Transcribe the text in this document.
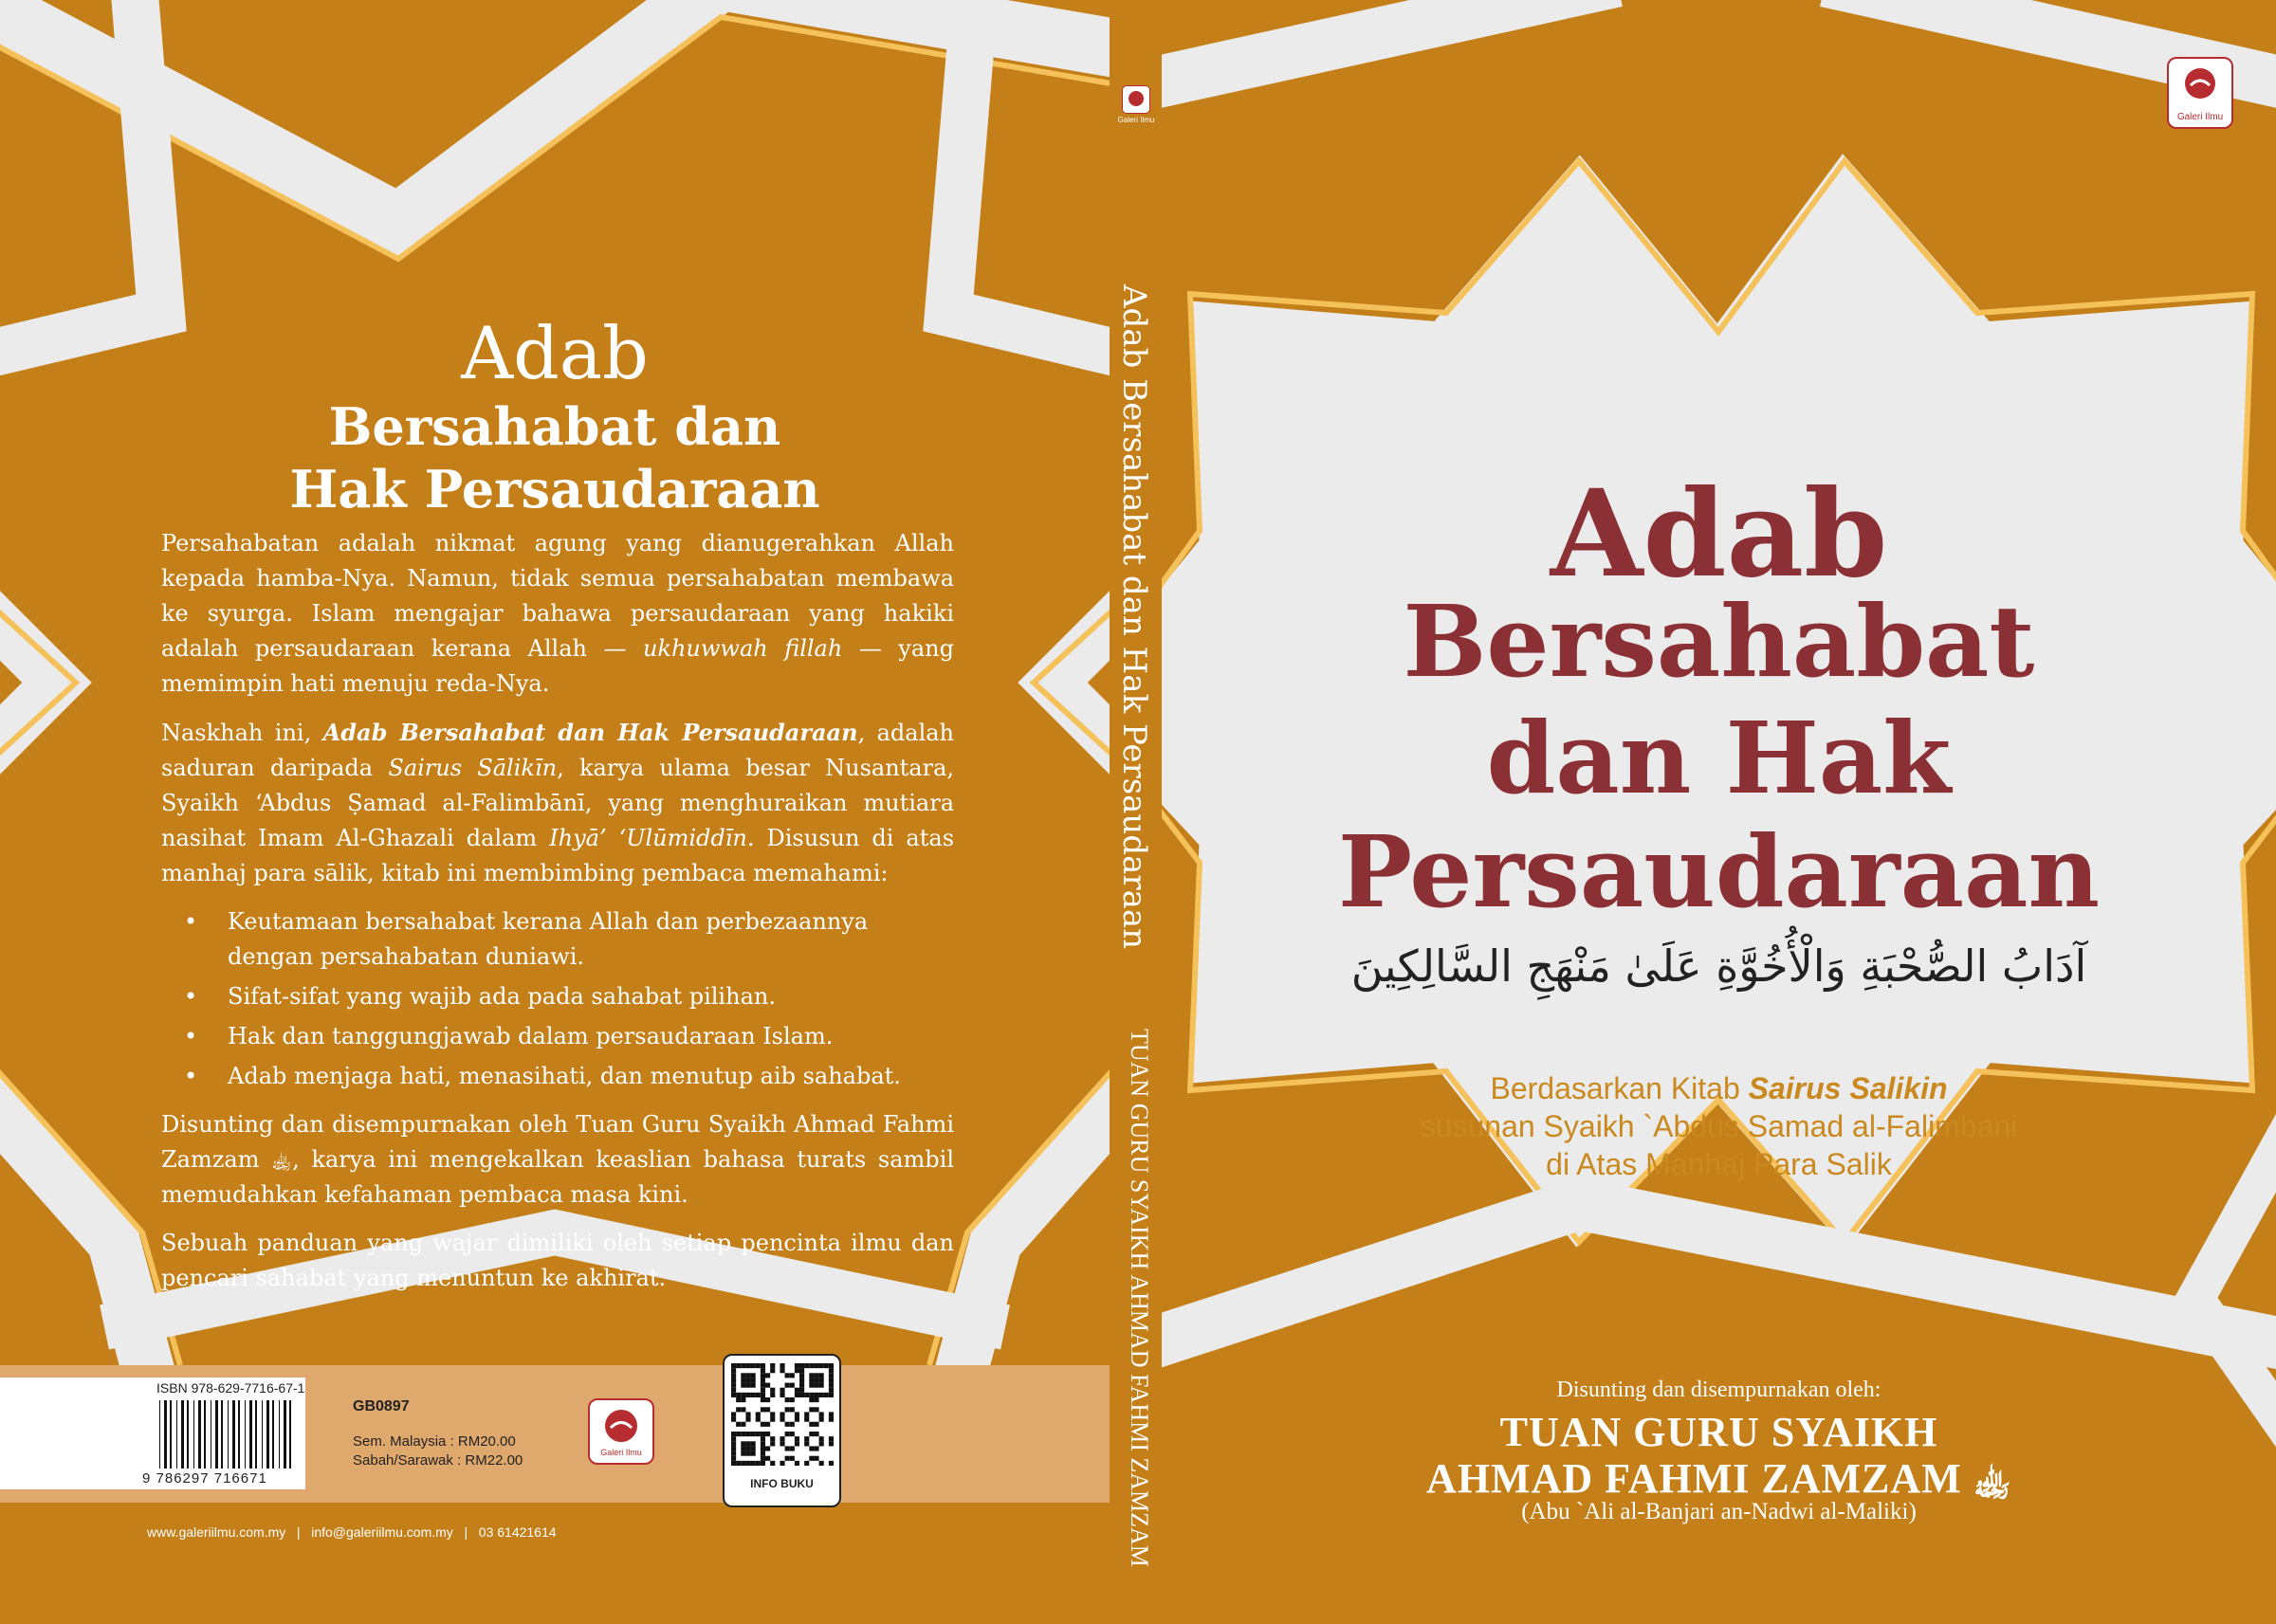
Adab
Bersahabat dan
Hak Persaudaraan

Persahabatan adalah nikmat agung yang dianugerahkan Allah kepada hamba-Nya. Namun, tidak semua persahabatan membawa ke syurga. Islam mengajar bahawa persaudaraan yang hakiki adalah persaudaraan kerana Allah — ukhuwwah fillah — yang memimpin hati menuju reda-Nya.

Naskhah ini, Adab Bersahabat dan Hak Persaudaraan, adalah saduran daripada Sairus Sālikīn, karya ulama besar Nusantara, Syaikh ‘Abdus Ṣamad al-Falimbānī, yang menghuraikan mutiara nasihat Imam Al-Ghazali dalam Ihyā’ ‘Ulūmiddīn. Disusun di atas manhaj para sālik, kitab ini membimbing pembaca memahami:

• Keutamaan bersahabat kerana Allah dan perbezaannya dengan persahabatan duniawi.
• Sifat-sifat yang wajib ada pada sahabat pilihan.
• Hak dan tanggungjawab dalam persaudaraan Islam.
• Adab menjaga hati, menasihati, dan menutup aib sahabat.

Disunting dan disempurnakan oleh Tuan Guru Syaikh Ahmad Fahmi Zamzam ﵀, karya ini mengekalkan keaslian bahasa turats sambil memudahkan kefahaman pembaca masa kini.

Sebuah panduan yang wajar dimiliki oleh setiap pencinta ilmu dan pencari sahabat yang menuntun ke akhirat.

ISBN 978-629-7716-67-1
9 786297 716671
GB0897
Sem. Malaysia : RM20.00
Sabah/Sarawak : RM22.00	Galeri Ilmu
INFO BUKU
www.galeriilmu.com.my   |   info@galeriilmu.com.my   |   03 61421614
Galeri Ilmu
Adab Bersahabat dan Hak Persaudaraan
TUAN GURU SYAIKH AHMAD FAHMI ZAMZAM
Galeri Ilmu
Adab
Bersahabat
dan Hak
Persaudaraan
آدَابُ الصُّحْبَةِ وَالْأُخُوَّةِ عَلَىٰ مَنْهَجِ السَّالِكِينَ
Berdasarkan Kitab Sairus Salikin
susunan Syaikh `Abdus Samad al-Falimbani
di Atas Manhaj Para Salik
Disunting dan disempurnakan oleh:
TUAN GURU SYAIKH
AHMAD FAHMI ZAMZAM ﵀
(Abu `Ali al-Banjari an-Nadwi al-Maliki)
